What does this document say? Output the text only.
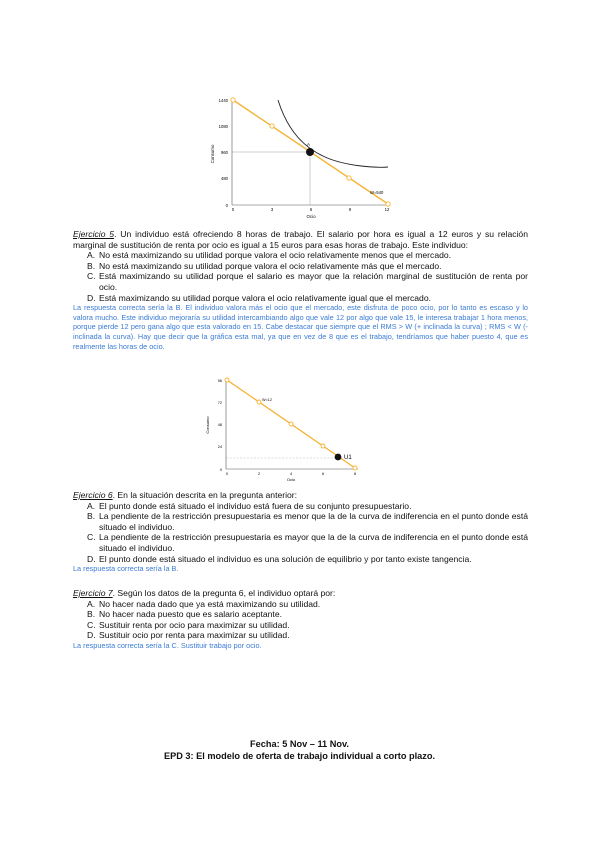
1440
1080
960
480
0
0	3	6	9	12
Ocio
Consumo
A
W=540
Ejercicio 5. Un individuo está ofreciendo 8 horas de trabajo. El salario por hora es igual a 12 euros y su relación marginal de sustitución de renta por ocio es igual a 15 euros para esas horas de trabajo. Este individuo:
A. No está maximizando su utilidad porque valora el ocio relativamente menos que el mercado.
B. No está maximizando su utilidad porque valora el ocio relativamente más que el mercado.
C. Está maximizando su utilidad porque el salario es mayor que la relación marginal de sustitución de renta por ocio.
D. Está maximizando su utilidad porque valora el ocio relativamente igual que el mercado.
La respuesta correcta sería la B. El individuo valora más el ocio que el mercado, este disfruta de poco ocio, por lo tanto es escaso y lo valora mucho. Este individuo mejoraría su utilidad intercambiando algo que vale 12 por algo que vale 15, le interesa trabajar 1 hora menos, porque pierde 12 pero gana algo que esta valorado en 15. Cabe destacar que siempre que el RMS > W (+ inclinada la curva) ; RMS < W (- inclinada la curva). Hay que decir que la gráfica esta mal, ya que en vez de 8 que es el trabajo, tendríamos que haber puesto 4, que es realmente las horas de ocio.
96
72
48
24
0
0	2	4	6	8
Ocio
Consumo
W=12
U1
Ejercicio 6. En la situación descrita en la pregunta anterior:
A. El punto donde está situado el individuo está fuera de su conjunto presupuestario.
B. La pendiente de la restricción presupuestaria es menor que la de la curva de indiferencia en el punto donde está situado el individuo.
C. La pendiente de la restricción presupuestaria es mayor que la de la curva de indiferencia en el punto donde está situado el individuo.
D. El punto donde está situado el individuo es una solución de equilibrio y por tanto existe tangencia.
La respuesta correcta sería la B.
Ejercicio 7. Según los datos de la pregunta 6, el individuo optará por:
A. No hacer nada dado que ya está maximizando su utilidad.
B. No hacer nada puesto que es salario aceptante.
C. Sustituir renta por ocio para maximizar su utilidad.
D. Sustituir ocio por renta para maximizar su utilidad.
La respuesta correcta sería la C. Sustituir trabajo por ocio.
Fecha: 5 Nov – 11 Nov.
EPD 3: El modelo de oferta de trabajo individual a corto plazo.
